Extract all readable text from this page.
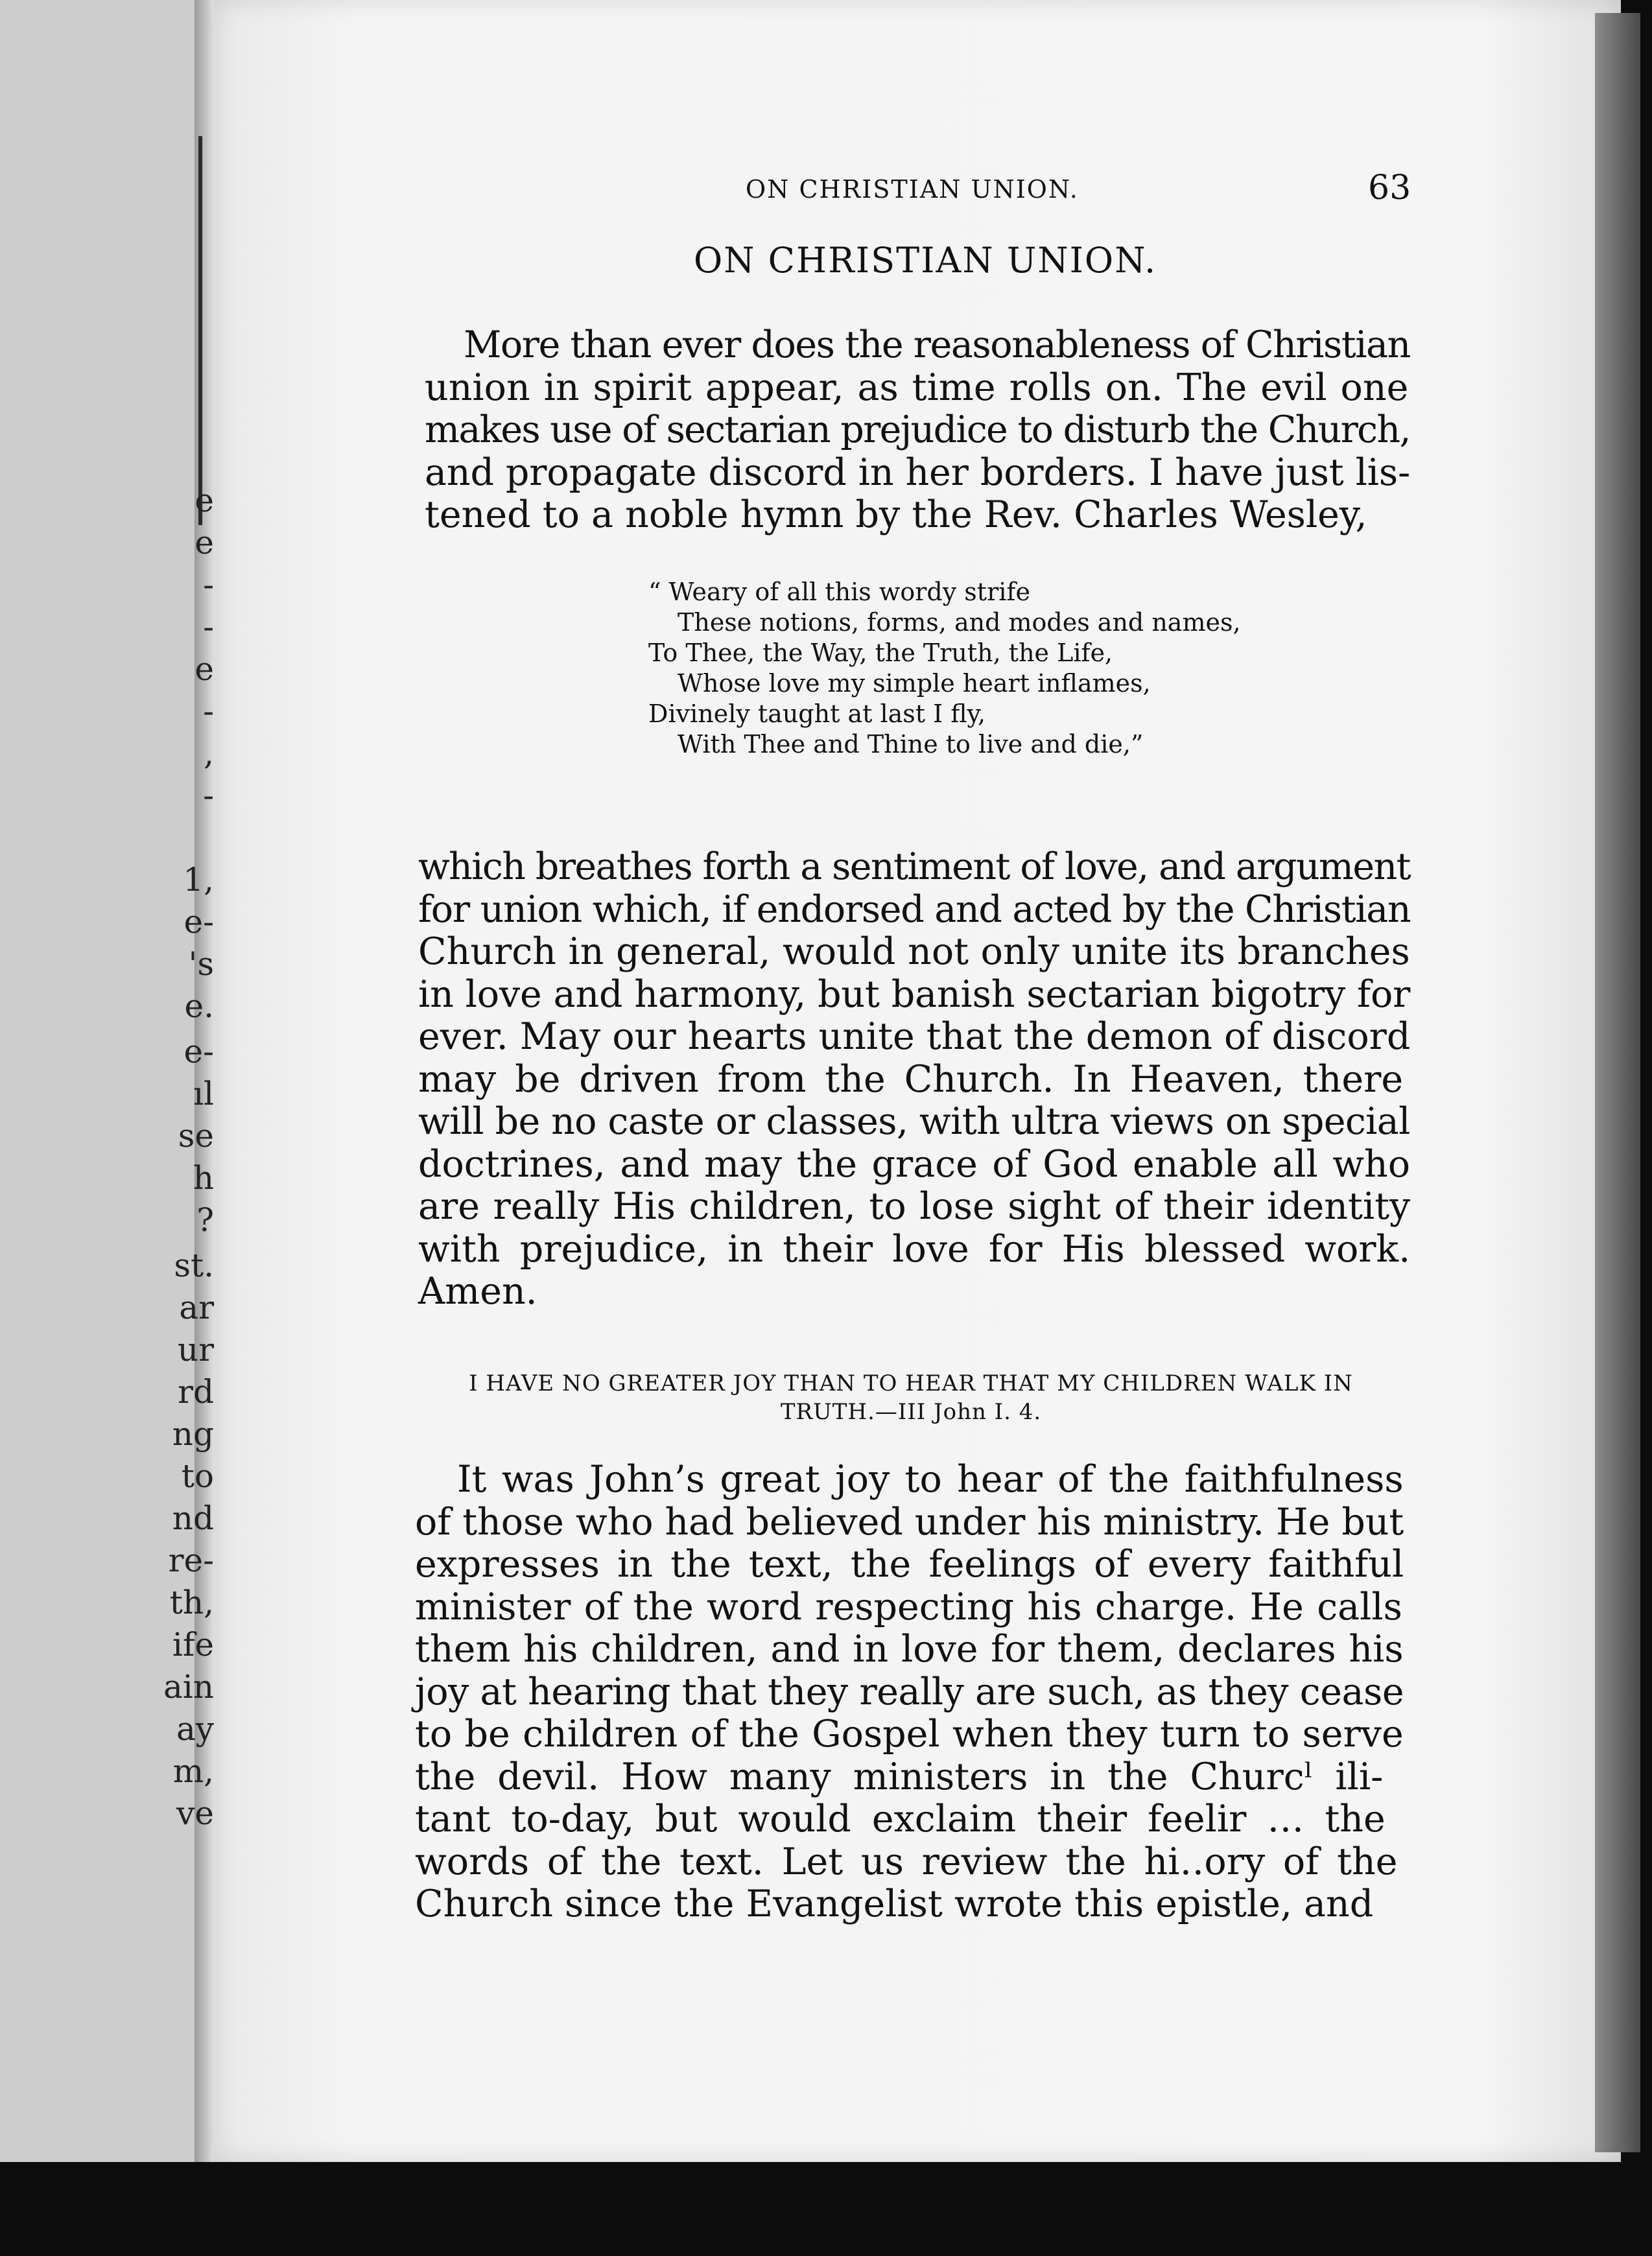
e
e
-
-
e
-
,
-
1,
e-
's
e.
e-
ıl
se
h
?
st.
ar
ur
rd
ng
to
nd
re-
th,
ife
ain
ay
m,
ve
ON CHRISTIAN UNION.	63
ON CHRISTIAN UNION.
More than ever does the reasonableness of Christian
union in spirit appear, as time rolls on. The evil one
makes use of sectarian prejudice to disturb the Church,
and propagate discord in her borders. I have just lis-
tened to a noble hymn by the Rev. Charles Wesley,
“ Weary of all this wordy strife
These notions, forms, and modes and names,
To Thee, the Way, the Truth, the Life,
Whose love my simple heart inflames,
Divinely taught at last I fly,
With Thee and Thine to live and die,”
which breathes forth a sentiment of love, and argument
for union which, if endorsed and acted by the Christian
Church in general, would not only unite its branches
in love and harmony, but banish sectarian bigotry for
ever. May our hearts unite that the demon of discord
may be driven from the Church. In Heaven, there
will be no caste or classes, with ultra views on special
doctrines, and may the grace of God enable all who
are really His children, to lose sight of their identity
with prejudice, in their love for His blessed work.
Amen.
I HAVE NO GREATER JOY THAN TO HEAR THAT MY CHILDREN WALK IN
TRUTH.—III John I. 4.
It was John’s great joy to hear of the faithfulness
of those who had believed under his ministry. He but
expresses in the text, the feelings of every faithful
minister of the word respecting his charge. He calls
them his children, and in love for them, declares his
joy at hearing that they really are such, as they cease
to be children of the Gospel when they turn to serve
the devil. How many ministers in the Churcˡ ili-
tant to-day, but would exclaim their feelir … the
words of the text. Let us review the hi‥ory of the
Church since the Evangelist wrote this epistle, and
